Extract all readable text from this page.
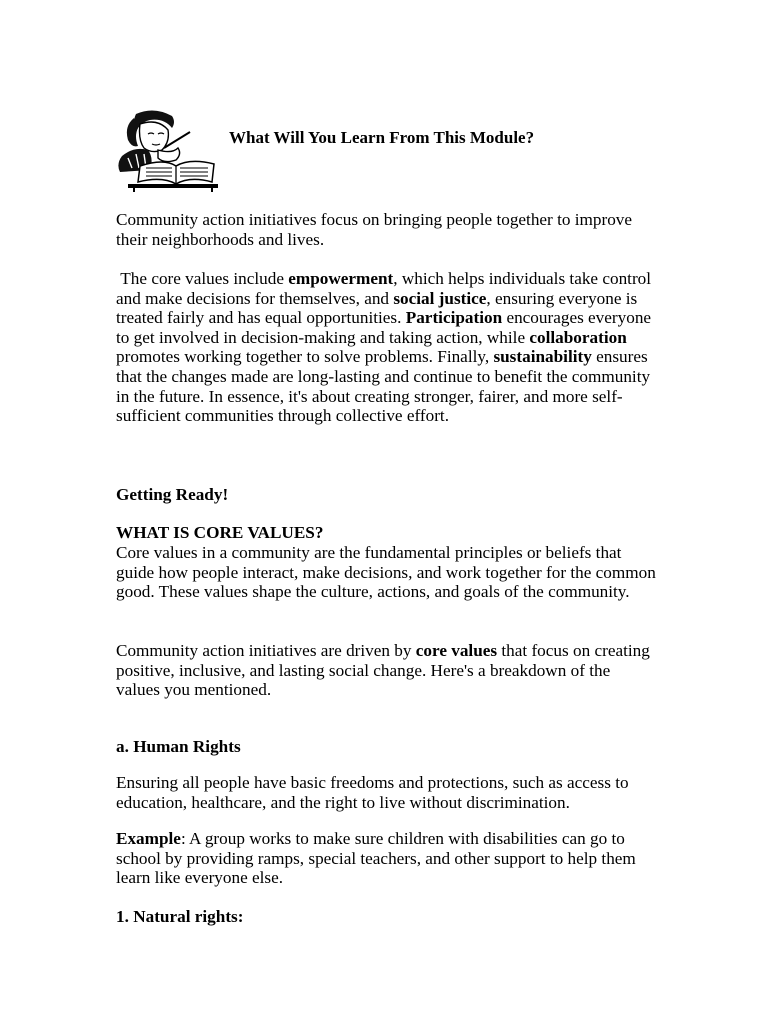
What Will You Learn From This Module?

Community action initiatives focus on bringing people together to improve their neighborhoods and lives.

The core values include empowerment, which helps individuals take control and make decisions for themselves, and social justice, ensuring everyone is treated fairly and has equal opportunities. Participation encourages everyone to get involved in decision-making and taking action, while collaboration promotes working together to solve problems. Finally, sustainability ensures that the changes made are long-lasting and continue to benefit the community in the future. In essence, it's about creating stronger, fairer, and more self-sufficient communities through collective effort.

Getting Ready!

WHAT IS CORE VALUES?

Core values in a community are the fundamental principles or beliefs that guide how people interact, make decisions, and work together for the common good. These values shape the culture, actions, and goals of the community.

Community action initiatives are driven by core values that focus on creating positive, inclusive, and lasting social change. Here's a breakdown of the values you mentioned.

a. Human Rights

Ensuring all people have basic freedoms and protections, such as access to education, healthcare, and the right to live without discrimination.

Example: A group works to make sure children with disabilities can go to school by providing ramps, special teachers, and other support to help them learn like everyone else.

1. Natural rights:
